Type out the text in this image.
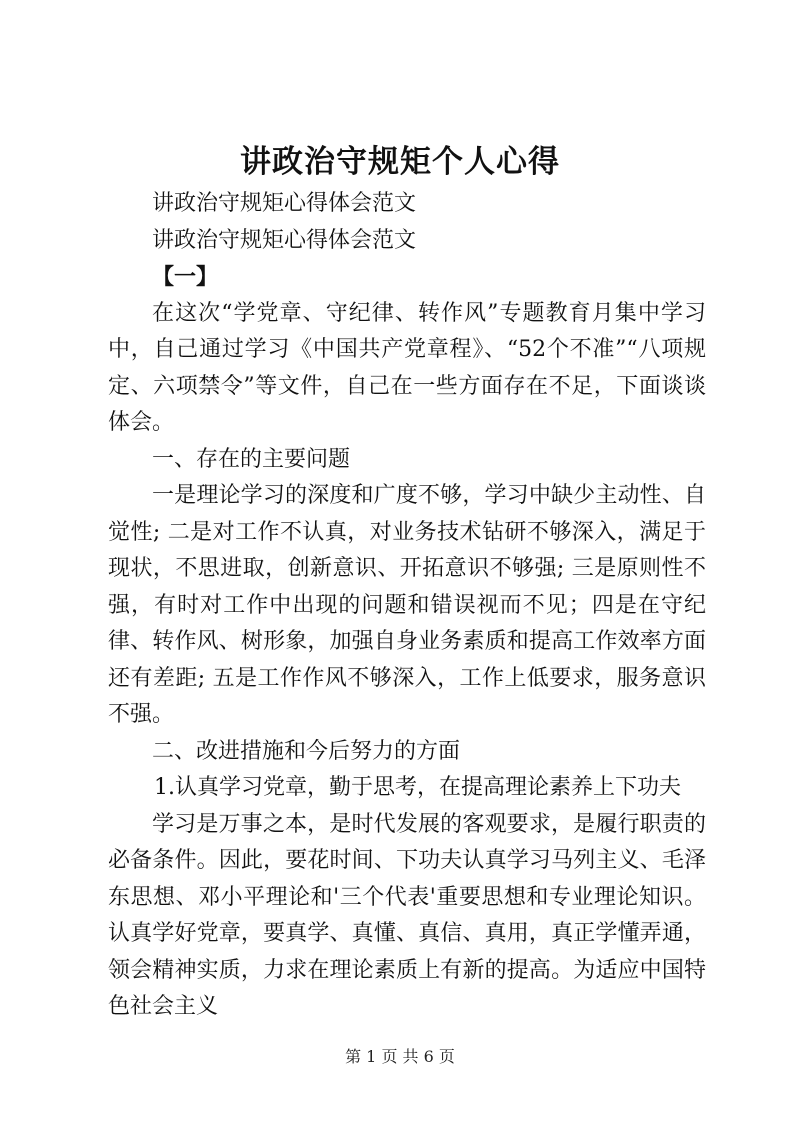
讲政治守规矩个人心得

讲政治守规矩心得体会范文

讲政治守规矩心得体会范文

【一】

在这次“学党章、守纪律、转作风”专题教育月集中学习中，自己通过学习《中国共产党章程》、“52个不准”“八项规定、六项禁令”等文件，自己在一些方面存在不足，下面谈谈体会。

一、存在的主要问题

一是理论学习的深度和广度不够，学习中缺少主动性、自觉性; 二是对工作不认真，对业务技术钻研不够深入，满足于现状，不思进取，创新意识、开拓意识不够强; 三是原则性不强，有时对工作中出现的问题和错误视而不见；四是在守纪律、转作风、树形象，加强自身业务素质和提高工作效率方面还有差距; 五是工作作风不够深入，工作上低要求，服务意识不强。

二、改进措施和今后努力的方面

1.认真学习党章，勤于思考，在提高理论素养上下功夫

学习是万事之本，是时代发展的客观要求，是履行职责的必备条件。因此，要花时间、下功夫认真学习马列主义、毛泽东思想、邓小平理论和'三个代表'重要思想和专业理论知识。认真学好党章，要真学、真懂、真信、真用，真正学懂弄通，领会精神实质，力求在理论素质上有新的提高。为适应中国特色社会主义

第 1 页 共 6 页
